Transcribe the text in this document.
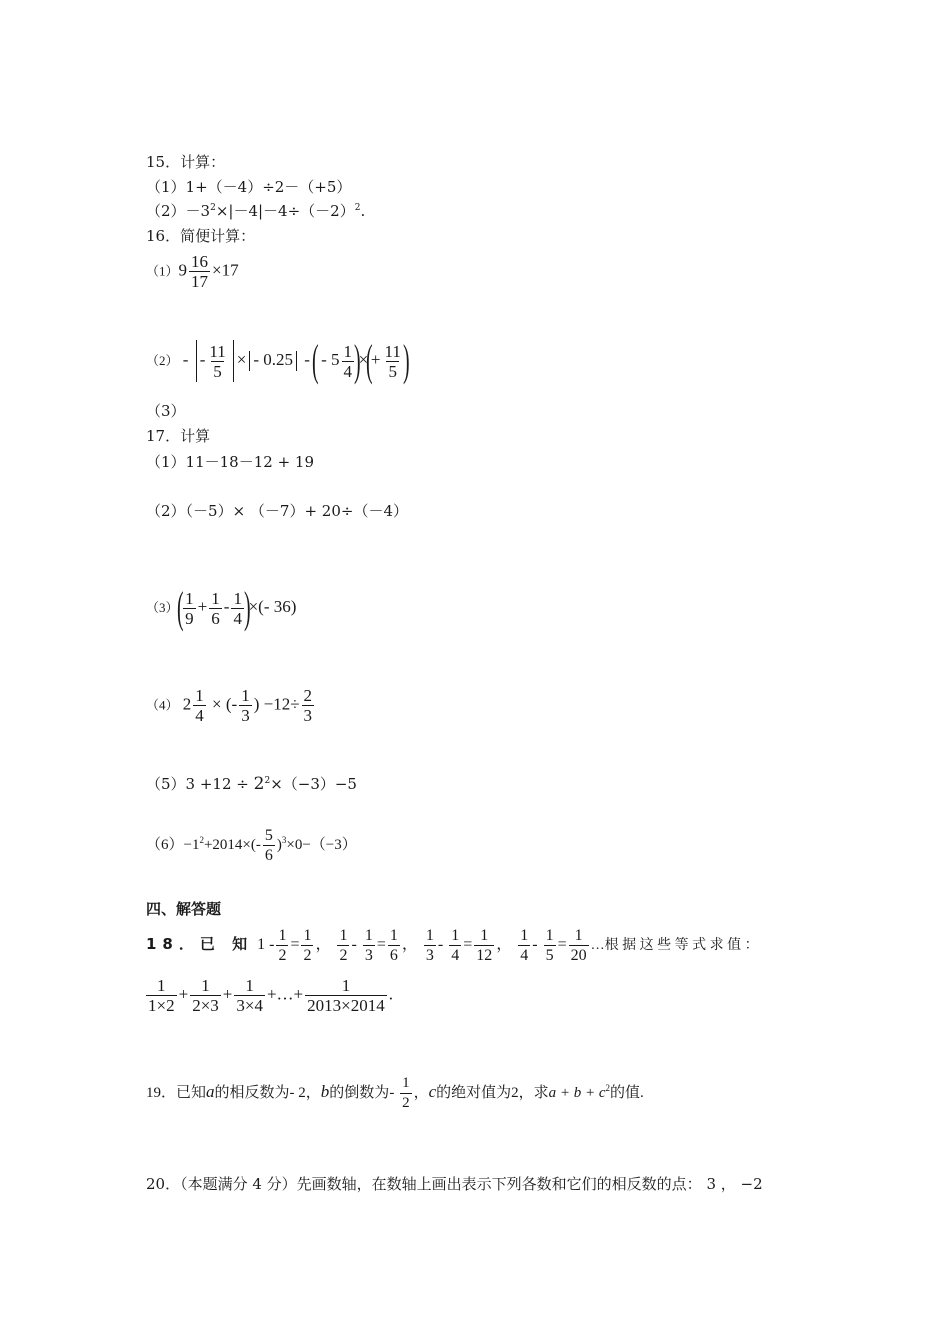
15．计算：
（1）1+（－4）÷2－（+5）
$(2)-3^2\times|-4|-4\div(-2)^2$.
16．简便计算：
$(1)9 \frac{16}{17} \times 17$
（2） - - $\frac{11}{5}$ × - 0.25 - ( - $5 \frac{1}{4}$ )×(+ $\frac{11}{5}$ )
（3）
17．计算
（1）11－18－12 + 19
（2）（－5）× （－7）+ 20÷（－4）
$(3)( \frac{1}{9} + \frac{1}{6} - \frac{1}{4}$ )×(- 36)
（4） $2 \frac{1}{4}$ × (- $\frac{1}{3}$ ) $-12\div \frac{2}{3}$
$(5)3 +12 \div 2^2\times(-3)-5$
$(6)-1^2+2014\times(- \frac{5}{6} )^3\times 0-(-3)$
四、解答题
18．已 知 $1 - \frac{1}{2} = \frac{1}{2}$ ， $\frac{1}{2} - \frac{1}{3} = \frac{1}{6}$ ， $\frac{1}{3} - \frac{1}{4} = \frac{1}{12}$ ， $\frac{1}{4} - \frac{1}{5} = \frac{1}{20}$ …根 据 这 些 等 式 求 值 ：
$\frac{1}{1\times 2} + \frac{1}{2\times 3} + \frac{1}{3\times 4}$ +…+ $\frac{1}{2013\times 2014}$ .
19．已知a的相反数为- 2，b的倒数为- $\frac{1}{2}$ ，c的绝对值为2，求$a + b + c^2$的值.
20．（本题满分 4 分）先画数轴，在数轴上画出表示下列各数和它们的相反数的点： 3 ， −2
